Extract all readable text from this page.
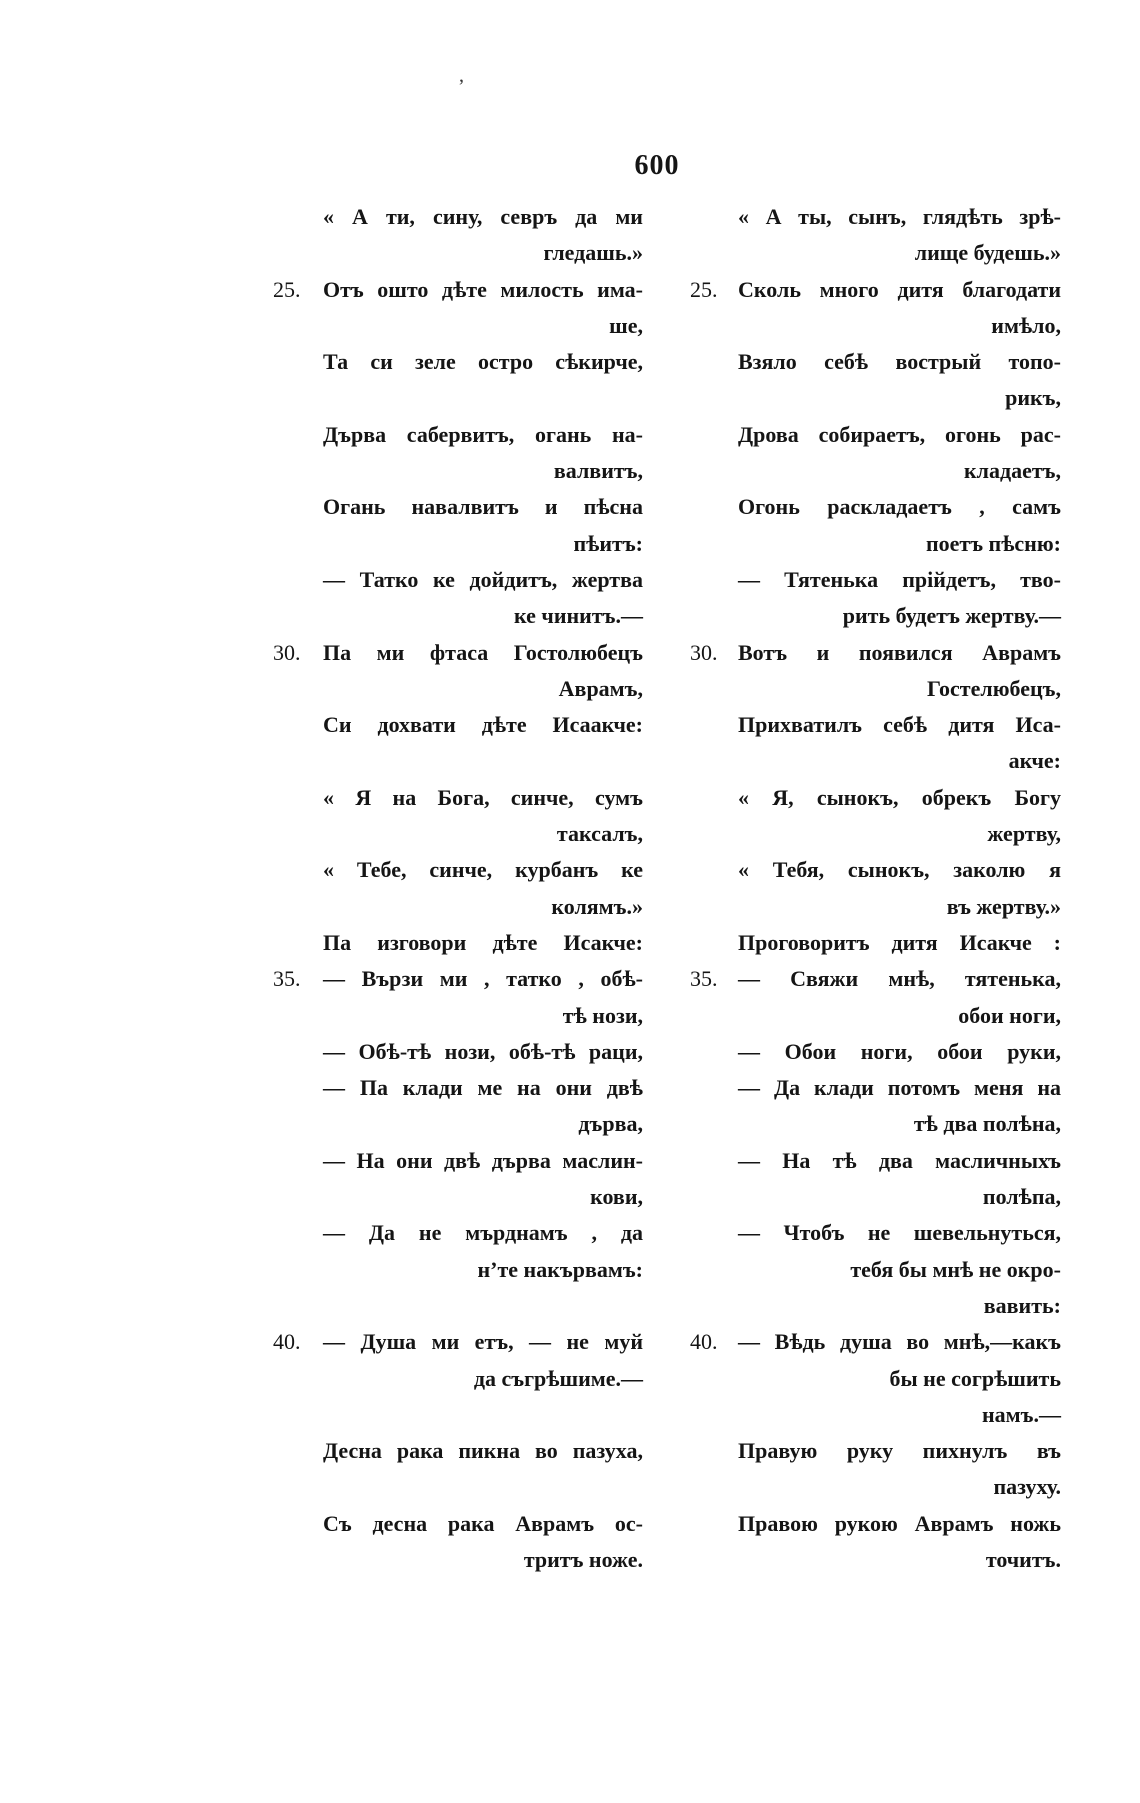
ʼ
600
« А ти, сину, севръ да ми
гледашь.»
« А ты, сынъ, глядѣть зрѣ-
лище будешь.»
25.	Отъ ошто дѣте милость има-
ше,
25. Сколь много дитя благодати
имѣло,
Та си зеле остро сѣкирче,	Взяло себѣ вострый топо-
рикъ,
Дърва сабервитъ, огань на-
валвитъ,
Дрова собираетъ, огонь рас-
кладаетъ,
Огань навалвитъ и пѣсна
пѣитъ:
Огонь раскладаетъ , самъ
поетъ пѣсню:
— Татко ке дойдитъ, жертва
ке чинитъ.—
— Тятенька прійдетъ, тво-
рить будетъ жертву.—
30.	Па ми фтаса Гостолюбецъ
Аврамъ,
30. Вотъ и появился Аврамъ
Гостелюбецъ,
Си дохвати дѣте Исаакче:	Прихватилъ себѣ дитя Иса-
акче:
« Я на Бога, синче, сумъ
таксалъ,
« Я, сынокъ, обрекъ Богу
жертву,
« Тебе, синче, курбанъ ке
колямъ.»
« Тебя, сынокъ, заколю я
въ жертву.»
Па изговори дѣте Исакче:	Проговоритъ дитя Исакче :
35.	— Вързи ми , татко , обѣ-
тѣ нози,
35. — Свяжи мнѣ, тятенька,
обои ноги,
— Обѣ-тѣ нози, обѣ-тѣ раци,	— Обои ноги, обои руки,
— Па клади ме на они двѣ
дърва,
— Да клади потомъ меня на
тѣ два полѣна,
— На они двѣ дърва маслин-
кови,
— На тѣ два масличныхъ
полѣпа,
— Да не мърднамъ , да
н’те накървамъ:
— Чтобъ не шевельнуться,
тебя бы мнѣ не окро-
вавить:
40.	— Душа ми етъ, — не муй
да съгрѣшиме.—
40. — Вѣдь душа во мнѣ,—какъ
бы не согрѣшить
намъ.—
Десна рака пикна во пазуха,	Правую руку пихнулъ въ
пазуху.
Съ десна рака Аврамъ ос-
тритъ ноже.
Правою рукою Аврамъ ножь
точитъ.
